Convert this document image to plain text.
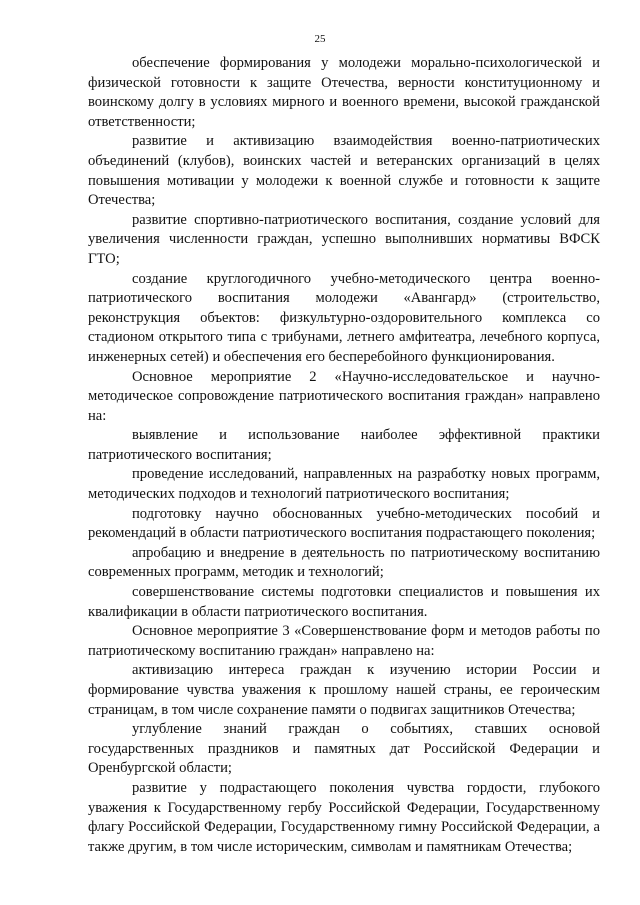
25

обеспечение формирования у молодежи морально-психологической и физической готовности к защите Отечества, верности конституционному и воинскому долгу в условиях мирного и военного времени, высокой гражданской ответственности;

развитие и активизацию взаимодействия военно-патриотических объединений (клубов), воинских частей и ветеранских организаций в целях повышения мотивации у молодежи к военной службе и готовности к защите Отечества;

развитие спортивно-патриотического воспитания, создание условий для увеличения численности граждан, успешно выполнивших нормативы ВФСК ГТО;

создание круглогодичного учебно-методического центра военно-патриотического воспитания молодежи «Авангард» (строительство, реконструкция объектов: физкультурно-оздоровительного комплекса со стадионом открытого типа с трибунами, летнего амфитеатра, лечебного корпуса, инженерных сетей) и обеспечения его бесперебойного функционирования.

Основное мероприятие 2 «Научно-исследовательское и научно-методическое сопровождение патриотического воспитания граждан» направлено на:

выявление и использование наиболее эффективной практики патриотического воспитания;

проведение исследований, направленных на разработку новых программ, методических подходов и технологий патриотического воспитания;

подготовку научно обоснованных учебно-методических пособий и рекомендаций в области патриотического воспитания подрастающего поколения;

апробацию и внедрение в деятельность по патриотическому воспитанию современных программ, методик и технологий;

совершенствование системы подготовки специалистов и повышения их квалификации в области патриотического воспитания.

Основное мероприятие 3 «Совершенствование форм и методов работы по патриотическому воспитанию граждан» направлено на:

активизацию интереса граждан к изучению истории России и формирование чувства уважения к прошлому нашей страны, ее героическим страницам, в том числе сохранение памяти о подвигах защитников Отечества;

углубление знаний граждан о событиях, ставших основой государственных праздников и памятных дат Российской Федерации и Оренбургской области;

развитие у подрастающего поколения чувства гордости, глубокого уважения к Государственному гербу Российской Федерации, Государственному флагу Российской Федерации, Государственному гимну Российской Федерации, а также другим, в том числе историческим, символам и памятникам Отечества;
